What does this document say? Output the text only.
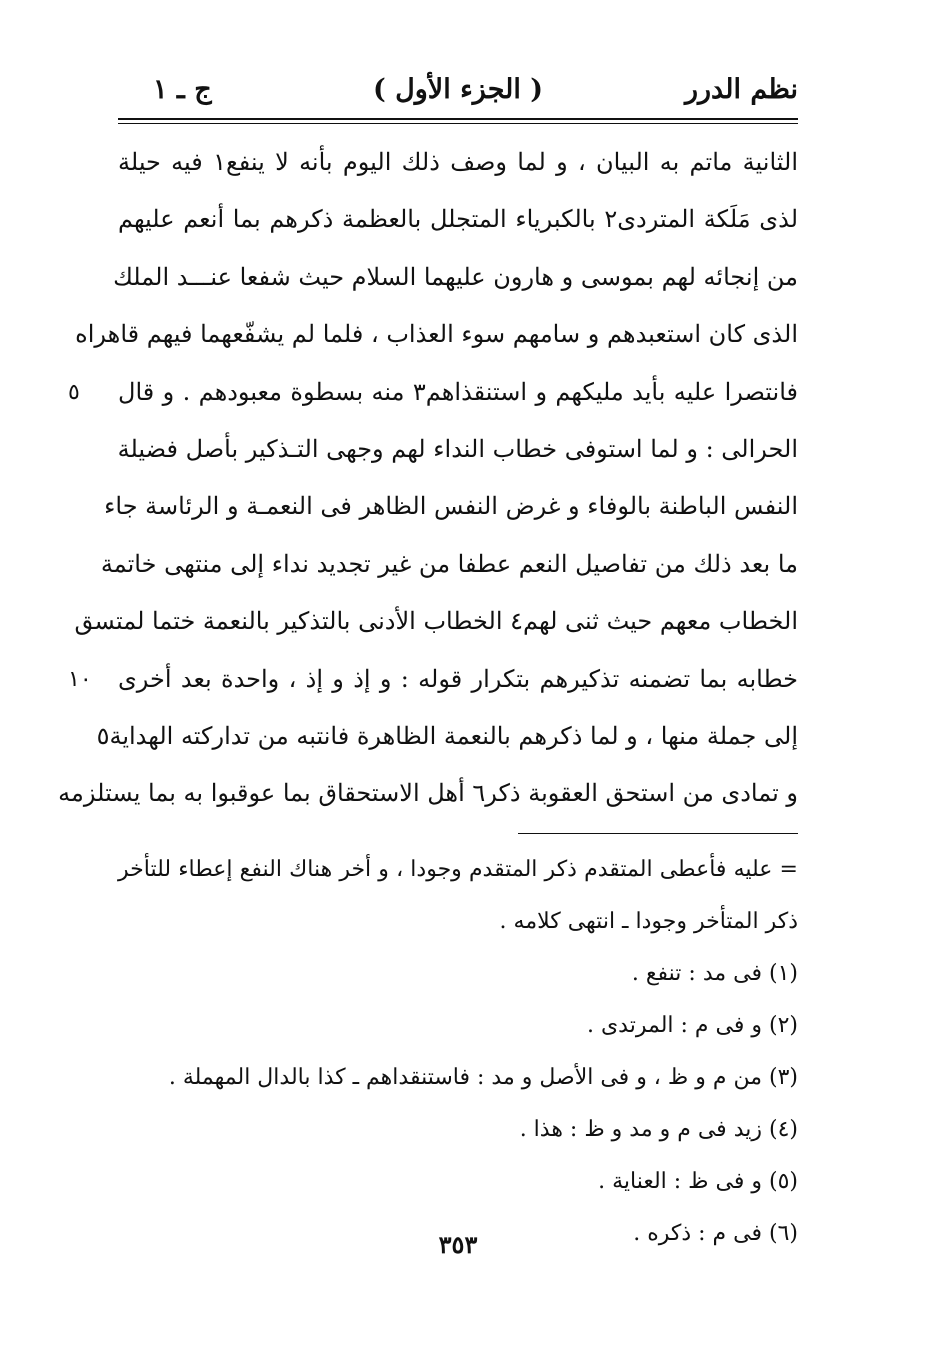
نظم الدرر
( الجزء الأول )
ج ـ ١
الثانية ماتم به البيان ، و لما وصف ذلك اليوم بأنه لا ينفع١ فيه حيلة
لذى مَلَكة المتردى٢ بالكبرياء المتجلل بالعظمة ذكرهم بما أنعم عليهم
من إنجائه لهم بموسى و هارون عليهما السلام حيث شفعا عنـــد الملك
الذى كان استعبدهم و سامهم سوء العذاب ، فلما لم يشفّعهما فيهم قاهراه
فانتصرا عليه بأيد مليكهم و استنقذاهم٣ منه بسطوة معبودهم . و قال
٥
الحرالى : و لما استوفى خطاب النداء لهم وجهى التـذكير بأصل فضيلة
النفس الباطنة بالوفاء و غرض النفس الظاهر فى النعمـة و الرئاسة جاء
ما بعد ذلك من تفاصيل النعم عطفا من غير تجديد نداء إلى منتهى خاتمة
الخطاب معهم حيث ثنى لهم٤ الخطاب الأدنى بالتذكير بالنعمة ختما لمتسق
خطابه بما تضمنه تذكيرهم بتكرار قوله : و إذ و إذ ، واحدة بعد أخرى
١٠
إلى جملة منها ، و لما ذكرهم بالنعمة الظاهرة فانتبه من تداركته الهداية٥
و تمادى من استحق العقوبة ذكر٦ أهل الاستحقاق بما عوقبوا به بما يستلزمه
= عليه فأعطى المتقدم ذكر المتقدم وجودا ، و أخر هناك النفع إعطاء للتأخر
ذكر المتأخر وجودا ـ انتهى كلامه .
(١) فى مد : تنفع .
(٢) و فى م : المرتدى .
(٣) من م و ظ ، و فى الأصل و مد : فاستنقداهم ـ كذا بالدال المهملة .
(٤) زيد فى م و مد و ظ : هذا .
(٥) و فى ظ : العناية .
(٦) فى م : ذكره .
٣٥٣
